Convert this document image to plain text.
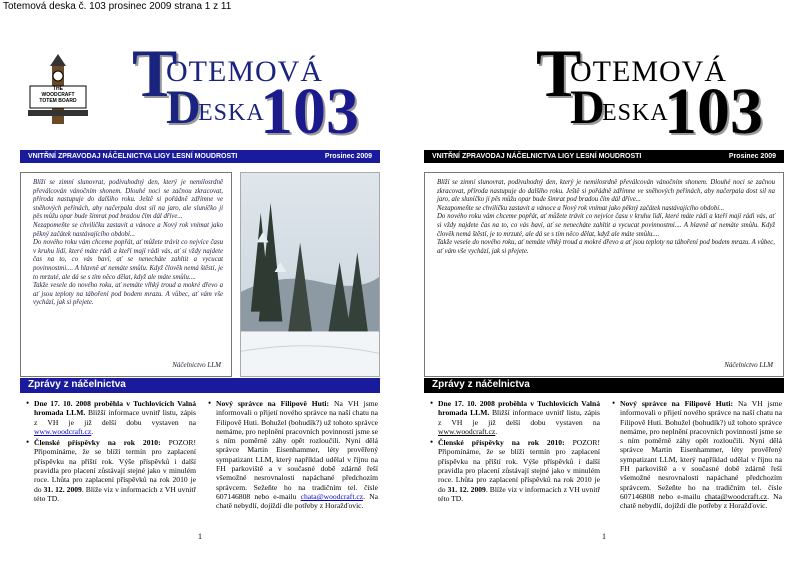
Totemová deska č. 103 prosinec 2009 strana 1 z 11
THE
WOODCRAFT
TOTEM BOARD T
OTEMOVÁ
D
ESKA
103
VNITŘNÍ ZPRAVODAJ NÁČELNICTVA LIGY LESNÍ MOUDROSTI	Prosinec 2009

Blíží se zimní slunovrat, podivuhodný den, který je nemilosrdně převálcován vánočním shonem. Dlouhé noci se začnou zkracovat, příroda nastupuje do dalšího roku. Ještě si pořádně zdřímne ve sněhových peřinách, aby načerpala dost sil na jaro, ale sluníčko ji pěs můžu opar bude šimrat pod bradou čím dál dříve...

Nezapomeňte se chviličku zastavit a vánoce a Nový rok vnímat jako pěkný začátek nastávajícího období...

Do nového roku vám chceme popřát, ať můžete trávit co nejvíce času v kruhu lidí, které máte rádi a kteří mají rádi vás, ať si vždy najdete čas na to, co vás baví, ať se nenecháte zahltit a vycucat povinnostmi.... A hlavně ať nemáte smůlu. Když člověk nemá štěstí, je to mrzuté, ale dá se s tím něco dělat, když ale máte smůlu....

Takže vesele do nového roku, ať nemáte vlhký troud a mokré dřevo a ať jsou teploty na táboření pod bodem mrazu. A vůbec, ať vám vše vychází, jak si přejete.

Náčelnictvo LLM
Zprávy z náčelnictva
• Dne 17. 10. 2008 proběhla v Tuchlovicích Valná hromada LLM. Bližší informace uvnitř listu, zápis z VH je již delší dobu vystaven na www.woodcraft.cz.
• Členské příspěvky na rok 2010: POZOR! Připomínáme, že se blíží termín pro zaplacení příspěvku na příští rok. Výše příspěvků i další pravidla pro placení zůstávají stejné jako v minulém roce. Lhůta pro zaplacení příspěvků na rok 2010 je do 31. 12. 2009. Blíže viz v informacích z VH uvnitř této TD.
• Nový správce na Filipově Huti: Na VH jsme informovali o přijetí nového správce na naší chatu na Filipově Huti. Bohužel (bohudík?) už tohoto správce nemáme, pro neplnění pracovních povinností jsme se s ním poměrně záhy opět rozloučili. Nyní dělá správce Martin Eisenhammer, léty prověřený sympatizant LLM, který například udělal v říjnu na FH parkoviště a v současné době zdárně řeší všemožné nesrovnalosti napáchané předchozím správcem. Sežeňte ho na tradičním tel. čísle 607146808 nebo e-mailu chata@woodcraft.cz. Na chatě nebydlí, dojíždí dle potřeby z Horažďovic.
1
T
OTEMOVÁ
D
ESKA
103
VNITŘNÍ ZPRAVODAJ NÁČELNICTVA LIGY LESNÍ MOUDROSTI	Prosinec 2009

Blíží se zimní slunovrat, podivuhodný den, který je nemilosrdně převálcován vánočním shonem. Dlouhé noci se začnou zkracovat, příroda nastupuje do dalšího roku. Ještě si pořádně zdřímne ve sněhových peřinách, aby načerpala dost sil na jaro, ale sluníčko ji pěs můžu opar bude šimrat pod bradou čím dál dříve...

Nezapomeňte se chviličku zastavit a vánoce a Nový rok vnímat jako pěkný začátek nastávajícího období...

Do nového roku vám chceme popřát, ať můžete trávit co nejvíce času v kruhu lidí, které máte rádi a kteří mají rádi vás, ať si vždy najdete čas na to, co vás baví, ať se nenecháte zahltit a vycucat povinnostmi.... A hlavně ať nemáte smůlu. Když člověk nemá štěstí, je to mrzuté, ale dá se s tím něco dělat, když ale máte smůlu....

Takže vesele do nového roku, ať nemáte vlhký troud a mokré dřevo a ať jsou teploty na táboření pod bodem mrazu. A vůbec, ať vám vše vychází, jak si přejete.

Náčelnictvo LLM
Zprávy z náčelnictva
• Dne 17. 10. 2008 proběhla v Tuchlovicích Valná hromada LLM. Bližší informace uvnitř listu, zápis z VH je již delší dobu vystaven na www.woodcraft.cz.
• Členské příspěvky na rok 2010: POZOR! Připomínáme, že se blíží termín pro zaplacení příspěvku na příští rok. Výše příspěvků i další pravidla pro placení zůstávají stejné jako v minulém roce. Lhůta pro zaplacení příspěvků na rok 2010 je do 31. 12. 2009. Blíže viz v informacích z VH uvnitř této TD.
• Nový správce na Filipově Huti: Na VH jsme informovali o přijetí nového správce na naší chatu na Filipově Huti. Bohužel (bohudík?) už tohoto správce nemáme, pro neplnění pracovních povinností jsme se s ním poměrně záhy opět rozloučili. Nyní dělá správce Martin Eisenhammer, léty prověřený sympatizant LLM, který například udělal v říjnu na FH parkoviště a v současné době zdárně řeší všemožné nesrovnalosti napáchané předchozím správcem. Sežeňte ho na tradičním tel. čísle 607146808 nebo e-mailu chata@woodcraft.cz. Na chatě nebydlí, dojíždí dle potřeby z Horažďovic.
1
